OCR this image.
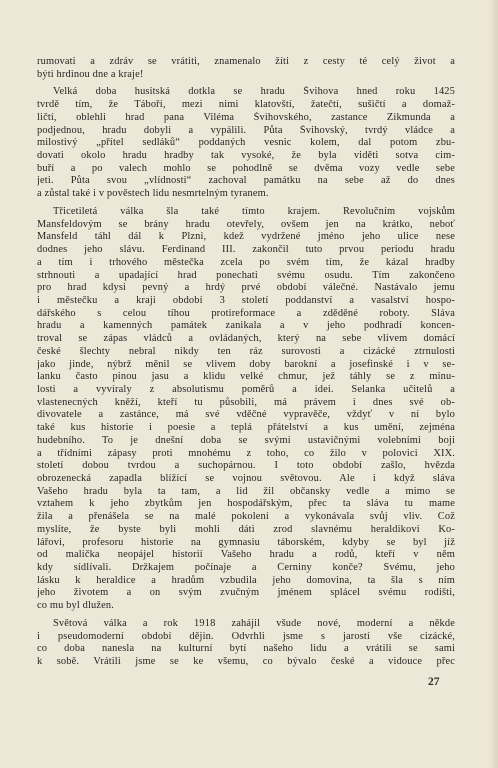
rumovati a zdráv se vrátiti, znamenalo žíti z cesty té celý život a
býti hrdinou dne a kraje!
Velká doba husitská dotkla se hradu Švihova hned roku 1425
tvrdě tím, že Táboří, mezi nimi klatovští, žatečtí, sušičtí a domaž-
ličtí, oblehli hrad pana Viléma Švihovského, zastance Zikmunda a
podjednou, hradu dobyli a vypálili. Půta Švihovský, tvrdý vládce a
milostivý „přítel sedláků“ poddaných vesnic kolem, dal potom zbu-
dovati okolo hradu hradby tak vysoké, že byla viděti sotva cim-
buří a po valech mohlo se pohodlně se dvěma vozy vedle sebe
jeti. Půta svou „vlídnosti“ zachoval památku na sebe až do dnes
a zůstal také i v pověstech lidu nesmrtelným tyranem.
Třicetiletá válka šla také tímto krajem. Revolučním vojskům
Mansfeldovým se brány hradu otevřely, ovšem jen na krátko, neboť
Mansfeld táhl dál k Plzni, kdež vydržené jméno jeho ulice nese
dodnes jeho slávu. Ferdinand III. zakončil tuto prvou periodu hradu
a tím i trhového městečka zcela po svém tím, že kázal hradby
strhnouti a upadající hrad ponechati svému osudu. Tím zakončeno
pro hrad kdysi pevný a hrdý prvé období válečné. Nastávalo jemu
i městečku a kraji období 3 století poddanství a vasalství hospo-
dářského s celou tíhou protireformace a zděděné roboty. Sláva
hradu a kamenných památek zanikala a v jeho podhradí koncen-
troval se zápas vládců a ovládaných, který na sebe vlivem domácí
české šlechty nebral nikdy ten ráz surovosti a cizácké ztrnulosti
jako jinde, nýbrž měnil se vlivem doby barokní a josefinské i v se-
lanku často pinou jasu a klidu velké chmur, jež táhly se z minu-
losti a vyvíraly z absolutismu poměrů a idei. Selanka učitelů a
vlastenecných kněží, kteří tu působili, má právem i dnes své ob-
divovatele a zastánce, má své vděčné vypravěče, vždyť v ní bylo
také kus historie i poesie a teplá přátelství a kus umění, zejména
hudebního. To je dnešní doba se svými ustavičnými volebními boji
a třídními zápasy proti mnohému z toho, co žilo v polovici XIX.
století dobou tvrdou a suchopárnou. I toto období zašlo, hvězda
obrozenecká zapadla blížící se vojnou světovou. Ale i když sláva
Vašeho hradu byla ta tam, a lid žil občansky vedle a mimo se
vztahem k jeho zbytkům jen hospodářským, přec ta sláva tu mame
žila a přenášela se na malé pokolení a vykonávala svůj vliv. Což
myslíte, že byste byli mohli dáti zrod slavnému heraldikovi Ko-
lářovi, profesoru historie na gymnasiu táborském, kdyby se byl jíž
od malička neopájel historií Vašeho hradu a rodů, kteří v něm
kdy sídlívali. Držkajem počínaje a Černiny konče? Svému, jeho
lásku k heraldice a hradům vzbudila jeho domovina, ta šla s ním
jeho životem a on svým zvučným jménem splácel svému rodišti,
co mu byl dlužen.
Světová válka a rok 1918 zahájil všude nové, moderní a někde
i pseudomoderní období dějin. Odvrhli jsme s jarostí vše cizácké,
co doba nanesla na kulturní bytí našeho lidu a vrátili se sami
k sobě. Vrátili jsme se ke všemu, co bývalo české a vidouce přec
27
